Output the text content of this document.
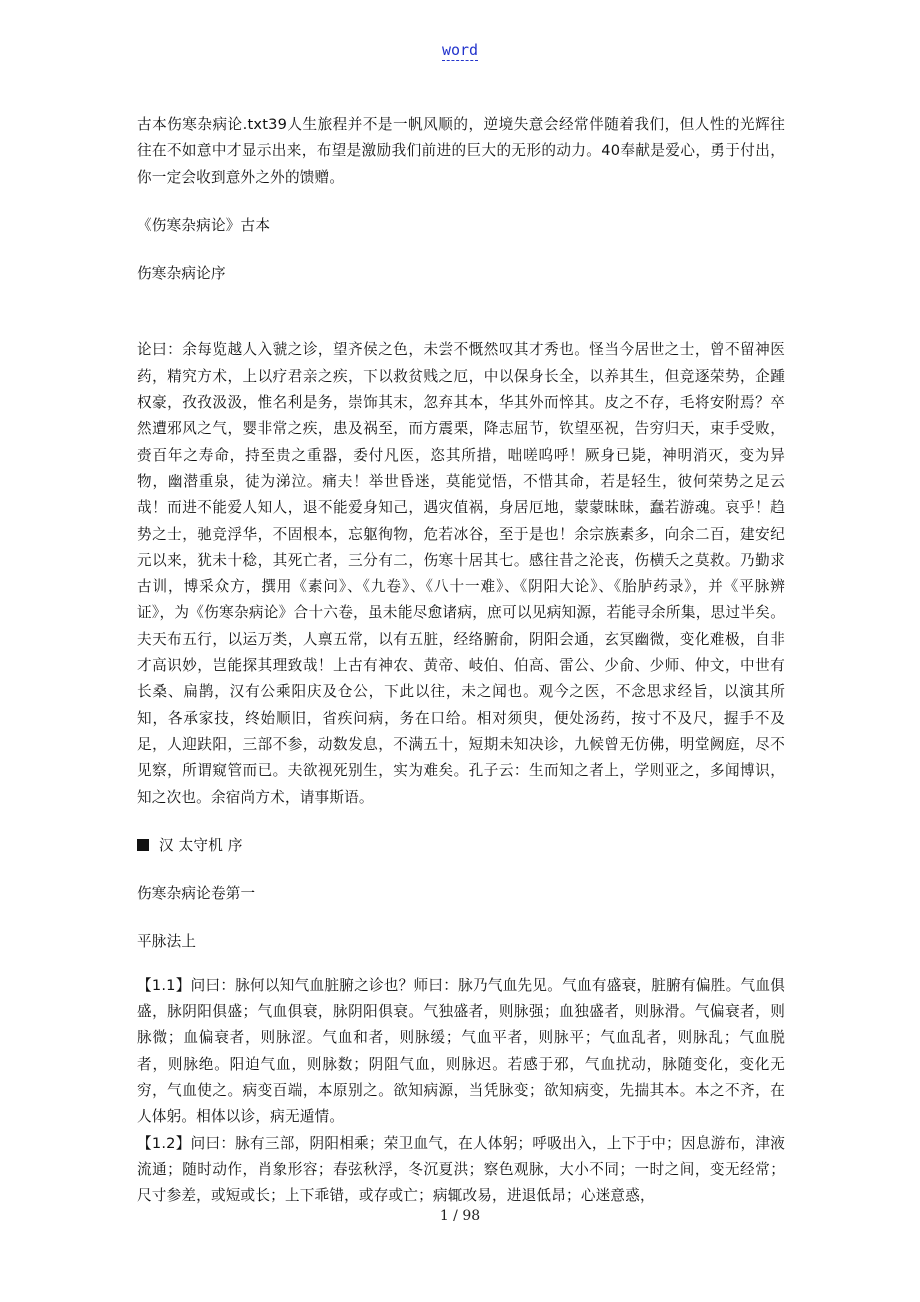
word

古本伤寒杂病论.txt39人生旅程并不是一帆风顺的，逆境失意会经常伴随着我们，但人性的光辉往往在不如意中才显示出来，布望是激励我们前进的巨大的无形的动力。40奉献是爱心，勇于付出，你一定会收到意外之外的馈赠。

《伤寒杂病论》古本

伤寒杂病论序

论曰：余每览越人入虢之诊，望齐侯之色，未尝不慨然叹其才秀也。怪当今居世之士，曾不留神医药，精究方术，上以疗君亲之疾，下以救贫贱之厄，中以保身长全，以养其生，但竞逐荣势，企踵权豪，孜孜汲汲，惟名利是务，崇饰其末，忽弃其本，华其外而悴其。皮之不存，毛将安附焉？卒然遭邪风之气，婴非常之疾，患及祸至，而方震栗，降志屈节，钦望巫祝，告穷归天，束手受败，赍百年之寿命，持至贵之重器，委付凡医，恣其所措，咄嗟呜呼！厥身已毙，神明消灭，变为异物，幽潜重泉，徒为涕泣。痛夫！举世昏迷，莫能觉悟，不惜其命，若是轻生，彼何荣势之足云哉！而进不能爱人知人，退不能爱身知己，遇灾值祸，身居厄地，蒙蒙昧昧，蠢若游魂。哀乎！趋势之士，驰竞浮华，不固根本，忘躯徇物，危若冰谷，至于是也！余宗族素多，向余二百，建安纪元以来，犹未十稔，其死亡者，三分有二，伤寒十居其七。感往昔之沦丧，伤横夭之莫救。乃勤求古训，博采众方，撰用《素问》、《九卷》、《八十一难》、《阴阳大论》、《胎胪药录》，并《平脉辨证》，为《伤寒杂病论》合十六卷，虽未能尽愈诸病，庶可以见病知源，若能寻余所集，思过半矣。夫天布五行，以运万类，人禀五常，以有五脏，经络腑俞，阴阳会通，玄冥幽微，变化难极，自非才高识妙，岂能探其理致哉！上古有神农、黄帝、岐伯、伯高、雷公、少俞、少师、仲文，中世有长桑、扁鹊，汉有公乘阳庆及仓公，下此以往，未之闻也。观今之医，不念思求经旨，以演其所知，各承家技，终始顺旧，省疾问病，务在口给。相对须臾，便处汤药，按寸不及尺，握手不及足，人迎趺阳，三部不参，动数发息，不满五十，短期未知决诊，九候曾无仿佛，明堂阙庭，尽不见察，所谓窥管而已。夫欲视死别生，实为难矣。孔子云：生而知之者上，学则亚之，多闻博识，知之次也。余宿尚方术，请事斯语。

汉 太守机 序

伤寒杂病论卷第一

平脉法上

【1.1】问曰：脉何以知气血脏腑之诊也？师曰：脉乃气血先见。气血有盛衰，脏腑有偏胜。气血俱盛，脉阴阳俱盛；气血俱衰，脉阴阳俱衰。气独盛者，则脉强；血独盛者，则脉滑。气偏衰者，则脉微；血偏衰者，则脉涩。气血和者，则脉缓；气血平者，则脉平；气血乱者，则脉乱；气血脱者，则脉绝。阳迫气血，则脉数；阴阻气血，则脉迟。若感于邪，气血扰动，脉随变化，变化无穷，气血使之。病变百端，本原别之。欲知病源，当凭脉变；欲知病变，先揣其本。本之不齐，在人体躬。相体以诊，病无遁情。

【1.2】问曰：脉有三部，阴阳相乘；荣卫血气，在人体躬；呼吸出入，上下于中；因息游布，津液流通；随时动作，肖象形容；春弦秋浮，冬沉夏洪；察色观脉，大小不同；一时之间，变无经常；尺寸参差，或短或长；上下乖错，或存或亡；病辄改易，进退低昂；心迷意惑，

1 / 98
